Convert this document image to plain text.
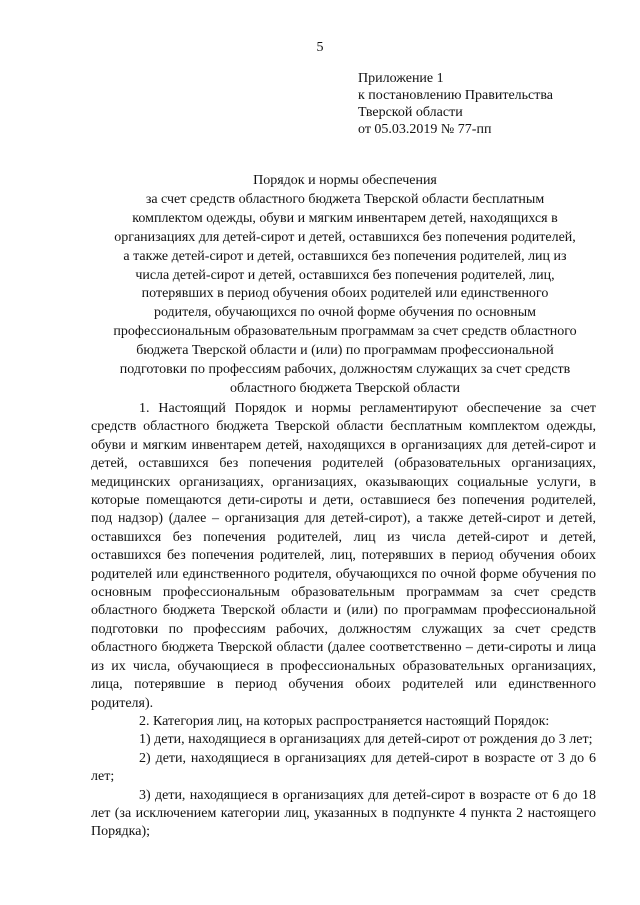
5
Приложение 1
к постановлению Правительства
Тверской области
от 05.03.2019 № 77-пп
Порядок и нормы обеспечения
за счет средств областного бюджета Тверской области бесплатным
комплектом одежды, обуви и мягким инвентарем детей, находящихся в
организациях для детей-сирот и детей, оставшихся без попечения родителей,
а также детей-сирот и детей, оставшихся без попечения родителей, лиц из
числа детей-сирот и детей, оставшихся без попечения родителей, лиц,
потерявших в период обучения обоих родителей или единственного
родителя, обучающихся по очной форме обучения по основным
профессиональным образовательным программам за счет средств областного
бюджета Тверской области и (или) по программам профессиональной
подготовки по профессиям рабочих, должностям служащих за счет средств
областного бюджета Тверской области

1. Настоящий Порядок и нормы регламентируют обеспечение за счет средств областного бюджета Тверской области бесплатным комплектом одежды, обуви и мягким инвентарем детей, находящихся в организациях для детей-сирот и детей, оставшихся без попечения родителей (образовательных организациях, медицинских организациях, организациях, оказывающих социальные услуги, в которые помещаются дети-сироты и дети, оставшиеся без попечения родителей, под надзор) (далее – организация для детей-сирот), а также детей-сирот и детей, оставшихся без попечения родителей, лиц из числа детей-сирот и детей, оставшихся без попечения родителей, лиц, потерявших в период обучения обоих родителей или единственного родителя, обучающихся по очной форме обучения по основным профессиональным образовательным программам за счет средств областного бюджета Тверской области и (или) по программам профессиональной подготовки по профессиям рабочих, должностям служащих за счет средств областного бюджета Тверской области (далее соответственно – дети-сироты и лица из их числа, обучающиеся в профессиональных образовательных организациях, лица, потерявшие в период обучения обоих родителей или единственного родителя).

2. Категория лиц, на которых распространяется настоящий Порядок:

1) дети, находящиеся в организациях для детей-сирот от рождения до 3 лет;

2) дети, находящиеся в организациях для детей-сирот в возрасте от 3 до 6 лет;

3) дети, находящиеся в организациях для детей-сирот в возрасте от 6 до 18 лет (за исключением категории лиц, указанных в подпункте 4 пункта 2 настоящего Порядка);
